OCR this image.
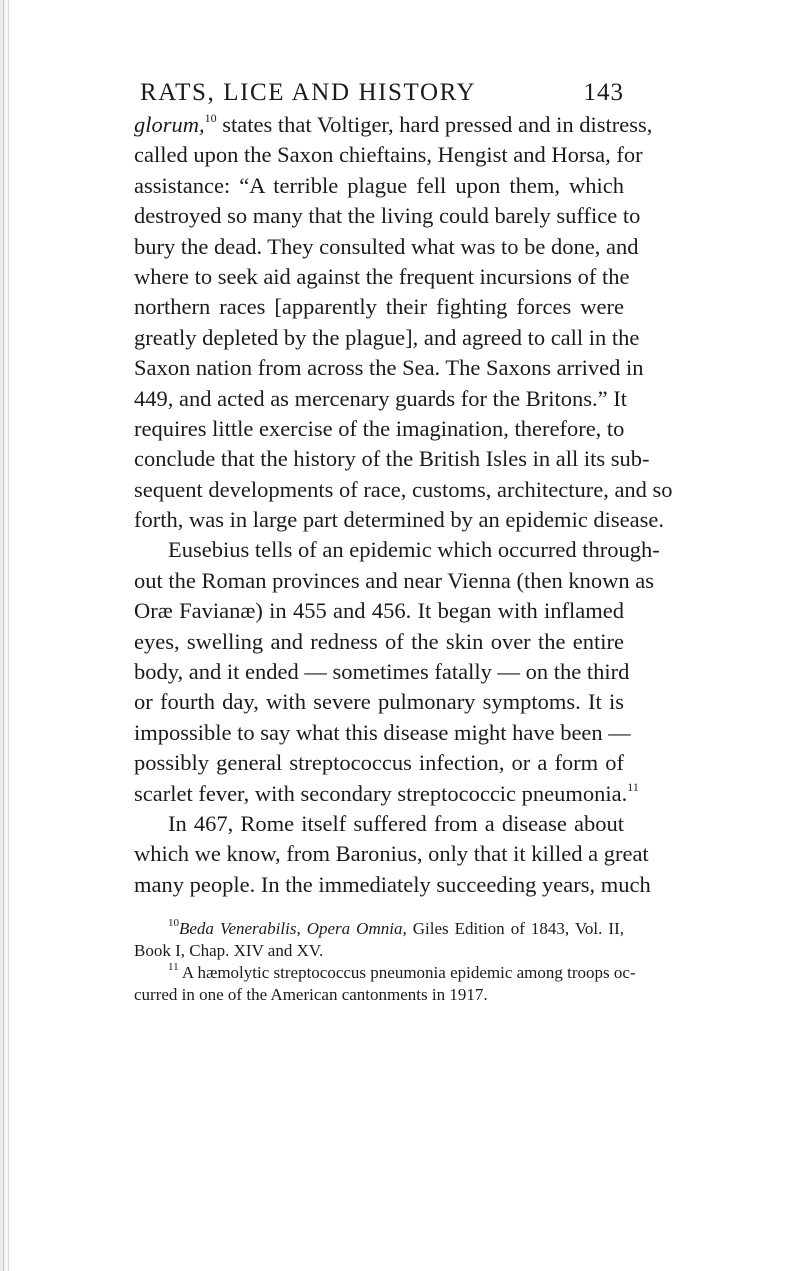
RATS, LICE AND HISTORY	143
glorum,$^{10}$ states that Voltiger, hard pressed and in distress,
called upon the Saxon chieftains, Hengist and Horsa, for
assistance: “A terrible plague fell upon them, which
destroyed so many that the living could barely suffice to
bury the dead. They consulted what was to be done, and
where to seek aid against the frequent incursions of the
northern races [apparently their fighting forces were
greatly depleted by the plague], and agreed to call in the
Saxon nation from across the Sea. The Saxons arrived in
449, and acted as mercenary guards for the Britons.” It
requires little exercise of the imagination, therefore, to
conclude that the history of the British Isles in all its sub-
sequent developments of race, customs, architecture, and so
forth, was in large part determined by an epidemic disease.
Eusebius tells of an epidemic which occurred through-
out the Roman provinces and near Vienna (then known as
Oræ Favianæ) in 455 and 456. It began with inflamed
eyes, swelling and redness of the skin over the entire
body, and it ended — sometimes fatally — on the third
or fourth day, with severe pulmonary symptoms. It is
impossible to say what this disease might have been —
possibly general streptococcus infection, or a form of
scarlet fever, with secondary streptococcic pneumonia.$^{11}$
In 467, Rome itself suffered from a disease about
which we know, from Baronius, only that it killed a great
many people. In the immediately succeeding years, much
$^{10}$Beda Venerabilis, Opera Omnia, Giles Edition of 1843, Vol. II,
Book I, Chap. XIV and XV.
$^{11}$ A hæmolytic streptococcus pneumonia epidemic among troops oc-
curred in one of the American cantonments in 1917.
